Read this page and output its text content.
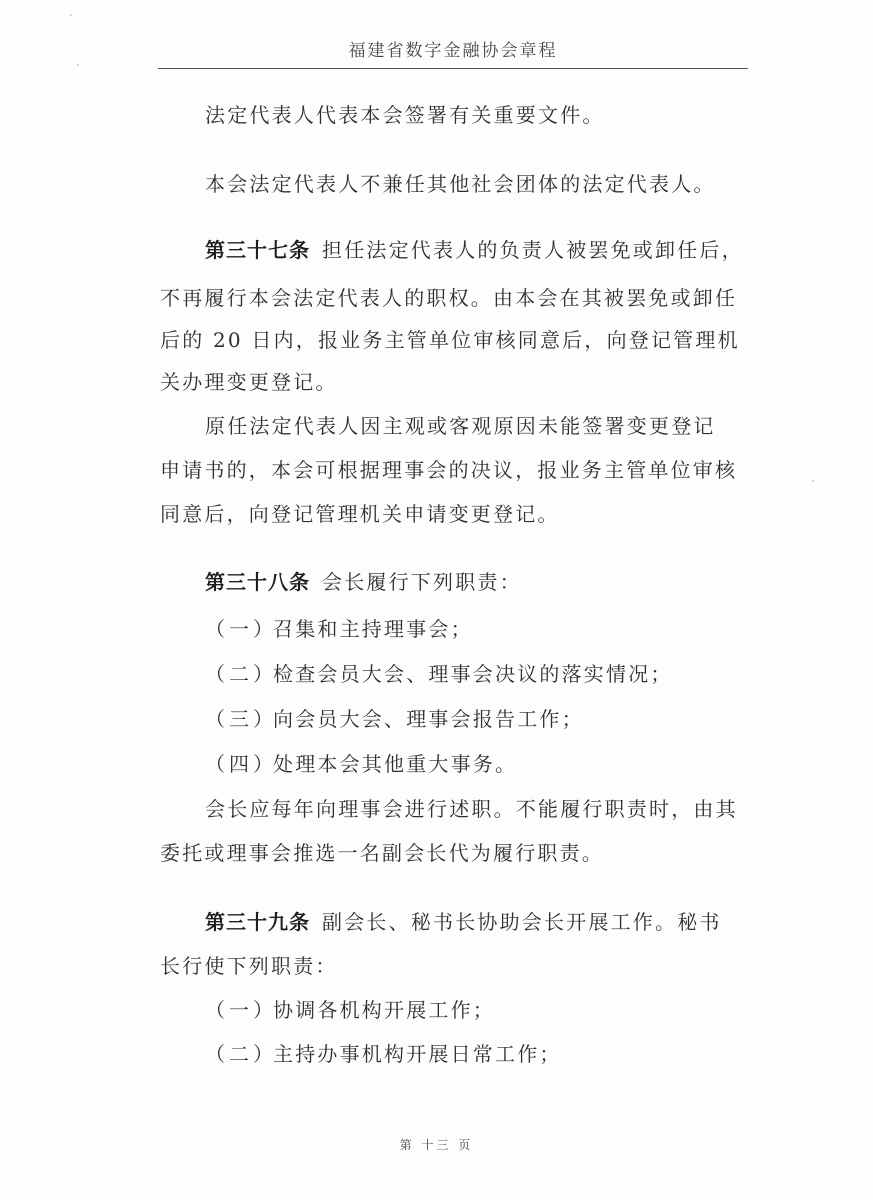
福建省数字金融协会章程
法定代表人代表本会签署有关重要文件。
本会法定代表人不兼任其他社会团体的法定代表人。
第三十七条 担任法定代表人的负责人被罢免或卸任后，
不再履行本会法定代表人的职权。由本会在其被罢免或卸任
后的 20 日内，报业务主管单位审核同意后，向登记管理机
关办理变更登记。
原任法定代表人因主观或客观原因未能签署变更登记
申请书的，本会可根据理事会的决议，报业务主管单位审核
同意后，向登记管理机关申请变更登记。
第三十八条 会长履行下列职责：
（一）召集和主持理事会；
（二）检查会员大会、理事会决议的落实情况；
（三）向会员大会、理事会报告工作；
（四）处理本会其他重大事务。
会长应每年向理事会进行述职。不能履行职责时，由其
委托或理事会推选一名副会长代为履行职责。
第三十九条 副会长、秘书长协助会长开展工作。秘书
长行使下列职责：
（一）协调各机构开展工作；
（二）主持办事机构开展日常工作；
第 十三 页
